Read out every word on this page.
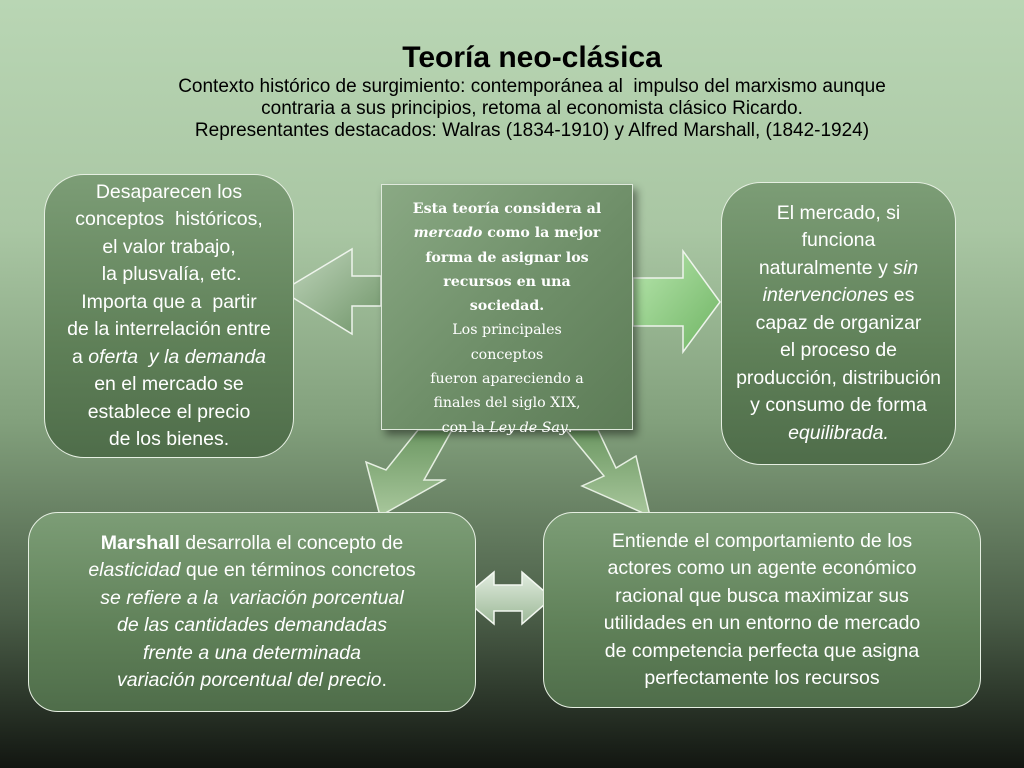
Teoría neo-clásica
Contexto histórico de surgimiento: contemporánea al  impulso del marxismo aunque
contraria a sus principios, retoma al economista clásico Ricardo.
Representantes destacados: Walras (1834-1910) y Alfred Marshall, (1842-1924)
Desaparecen los
conceptos  históricos,
el valor trabajo,
la plusvalía, etc.
Importa que a  partir
de la interrelación entre
a oferta  y la demanda
en el mercado se
establece el precio
de los bienes.
Esta teoría considera al
mercado como la mejor
forma de asignar los
recursos en una
sociedad.
Los principales
conceptos
fueron apareciendo a
finales del siglo XIX,
con la Ley de Say.
El mercado, si
funciona
naturalmente y sin
intervenciones es
capaz de organizar
el proceso de
producción, distribución
y consumo de forma
equilibrada.
Marshall desarrolla el concepto de
elasticidad que en términos concretos
se refiere a la  variación porcentual
de las cantidades demandadas
frente a una determinada
variación porcentual del precio.
Entiende el comportamiento de los
actores como un agente económico
racional que busca maximizar sus
utilidades en un entorno de mercado
de competencia perfecta que asigna
perfectamente los recursos
